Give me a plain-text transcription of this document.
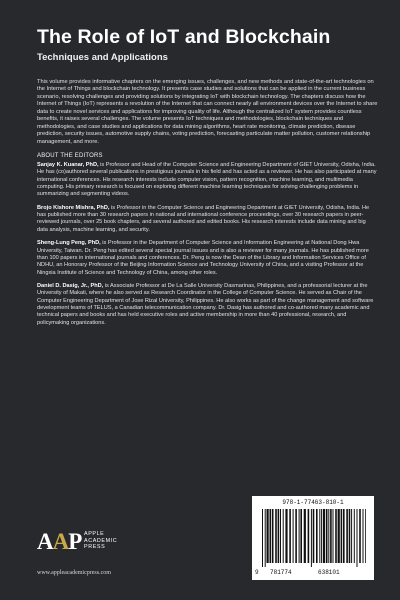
The Role of IoT and Blockchain
Techniques and Applications

This volume provides informative chapters on the emerging issues, challenges, and new methods and state-of-the-art technologies on the Internet of Things and blockchain technology. It presents case studies and solutions that can be applied in the current business scenario, resolving challenges and providing solutions by integrating IoT with blockchain technology. The chapters discuss how the Internet of Things (IoT) represents a revolution of the Internet that can connect nearly all environment devices over the Internet to share data to create novel services and applications for improving quality of life. Although the centralized IoT system provides countless benefits, it raises several challenges. The volume presents IoT techniques and methodologies, blockchain techniques and methodologies, and case studies and applications for data mining algorithms, heart rate monitoring, climate prediction, disease prediction, security issues, automotive supply chains, voting prediction, forecasting particulate matter pollution, customer relationship management, and more.

ABOUT THE EDITORS

Sanjay K. Kuanar, PhD, is Professor and Head of the Computer Science and Engineering Department of GIET University, Odisha, India. He has (co)authored several publications in prestigious journals in his field and has acted as a reviewer. He has also participated at many international conferences. His research interests include computer vision, pattern recognition, machine learning, and multimedia computing. His primary research is focused on exploring different machine learning techniques for solving challenging problems in summarizing and segmenting videos.

Brojo Kishore Mishra, PhD, is Professor in the Computer Science and Engineering Department at GIET University, Odisha, India. He has published more than 30 research papers in national and international conference proceedings, over 30 research papers in peer-reviewed journals, over 25 book chapters, and several authored and edited books. His research interests include data mining and big data analysis, machine learning, and security.

Sheng-Lung Peng, PhD, is Professor in the Department of Computer Science and Information Engineering at National Dong Hwa University, Taiwan. Dr. Peng has edited several special journal issues and is also a reviewer for many journals. He has published more than 100 papers in international journals and conferences. Dr. Peng is now the Dean of the Library and Information Services Office of NDHU, an Honorary Professor of the Beijing Information Science and Technology University of China, and a visiting Professor at the Ningxia Institute of Science and Technology of China, among other roles.

Daniel D. Dasig, Jr., PhD, is Associate Professor at De La Salle University Dasmarinas, Philippines, and a professorial lecturer at the University of Makati, where he also served as Research Coordinator in the College of Computer Science. He served as Chair of the Computer Engineering Department of Jose Rizal University, Philippines. He also works as part of the change management and software development teams of TELUS, a Canadian telecommunication company. Dr. Dasig has authored and co-authored many academic and technical papers and books and has held executive roles and active membership in more than 40 professional, research, and policymaking organizations.

AAP APPLE
ACADEMIC
PRESS
www.appleacademicpress.com
978-1-77463-810-1
9 781774	638101
